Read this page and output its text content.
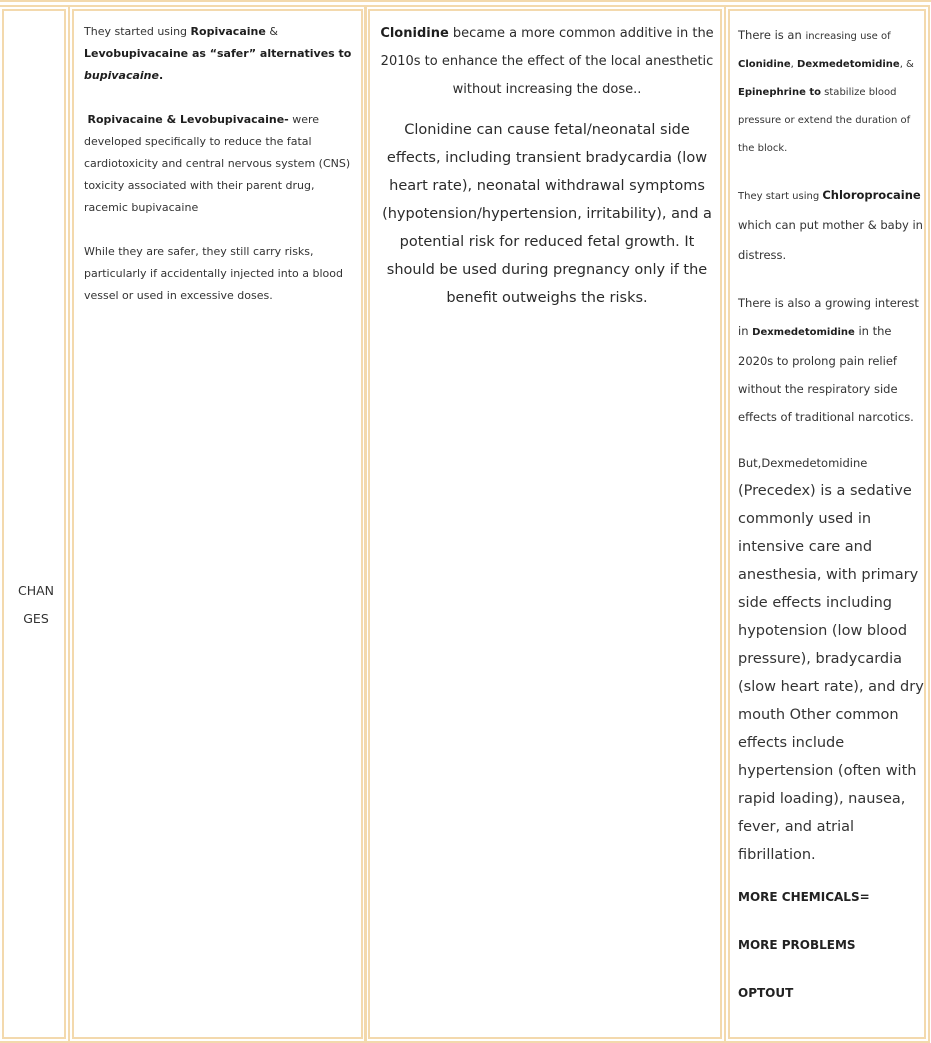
CHAN
GES

They started using Ropivacaine & Levobupivacaine as “safer” alternatives to bupivacaine.

Ropivacaine & Levobupivacaine- were developed specifically to reduce the fatal cardiotoxicity and central nervous system (CNS) toxicity associated with their parent drug, racemic bupivacaine

While they are safer, they still carry risks, particularly if accidentally injected into a blood vessel or used in excessive doses.

Clonidine became a more common additive in the 2010s to enhance the effect of the local anesthetic without increasing the dose..

Clonidine can cause fetal/neonatal side effects, including transient bradycardia (low heart rate), neonatal withdrawal symptoms (hypotension/hypertension, irritability), and a potential risk for reduced fetal growth. It should be used during pregnancy only if the benefit outweighs the risks.

There is an increasing use of
Clonidine, Dexmedetomidine, &
Epinephrine to stabilize blood pressure or extend the duration of the block.

They start using Chloroprocaine which can put mother & baby in distress.

There is also a growing interest in Dexmedetomidine in the 2020s to prolong pain relief without the respiratory side effects of traditional narcotics.

But,Dexmedetomidine
(Precedex) is a sedative commonly used in intensive care and anesthesia, with primary side effects including hypotension (low blood pressure), bradycardia (slow heart rate), and dry mouth Other common effects include hypertension (often with rapid loading), nausea, fever, and atrial fibrillation.

MORE CHEMICALS=

MORE PROBLEMS

OPTOUT
